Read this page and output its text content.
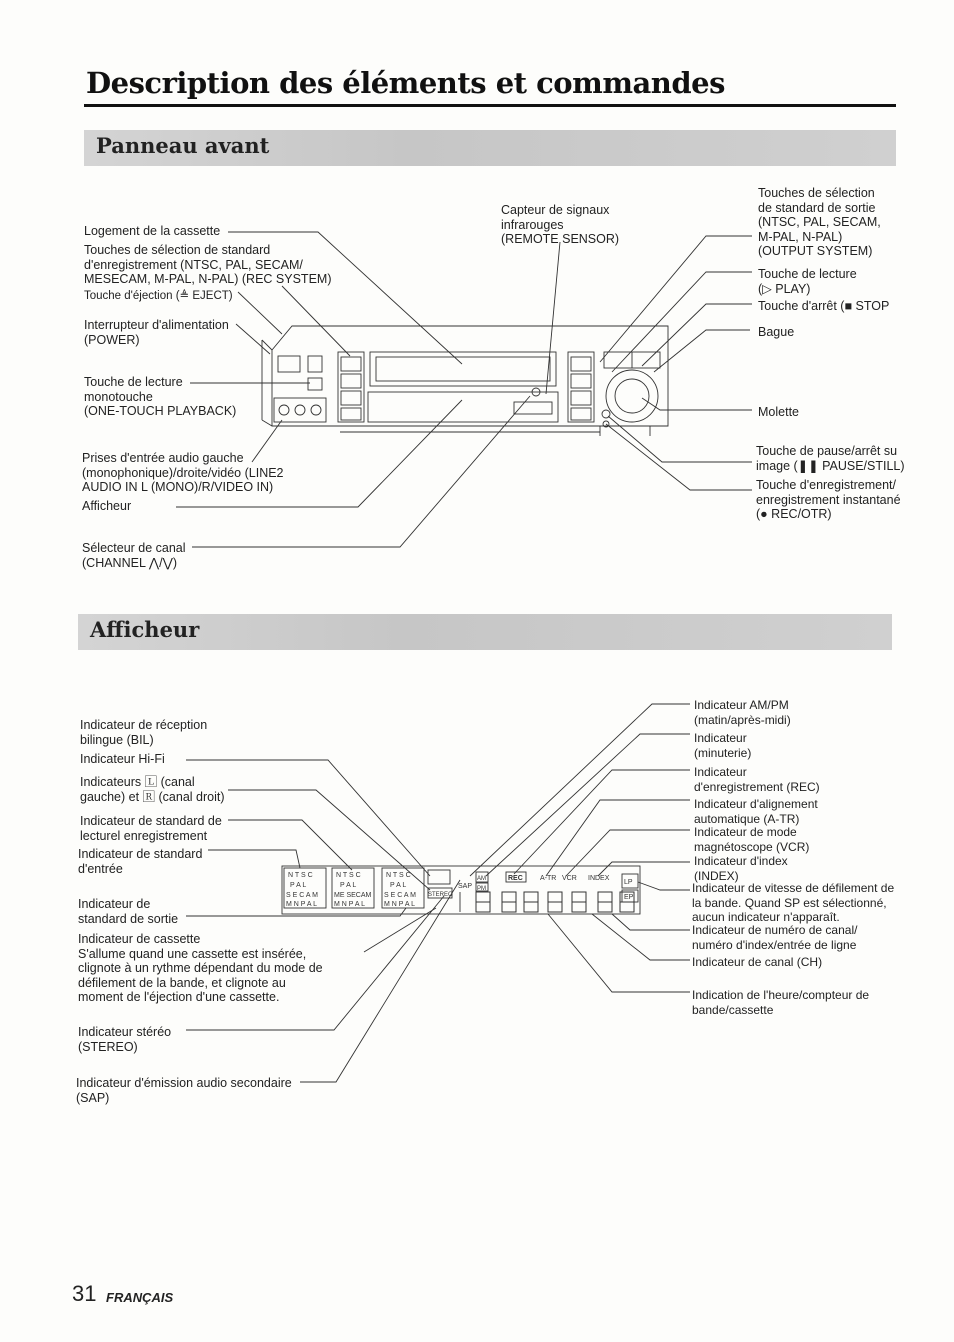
Description des éléments et commandes
Panneau avant
Afficheur
N T S C
P A L
S E C A M
M N P A L
N T S C
P A L
ME SECAM
M N P A L
N T S C
P A L
S E C A M
M N P A L
SAP
STEREO
AM
PM
REC A-TR VCR INDEX
LP
EP
Logement de la cassette
Touches de sélection de standard
d'enregistrement (NTSC, PAL, SECAM/
MESECAM, M-PAL, N-PAL) (REC SYSTEM)
Touche d'éjection (≜ EJECT)
Interrupteur d'alimentation
(POWER)
Touche de lecture
monotouche
(ONE-TOUCH PLAYBACK)
Prises d'entrée audio gauche
(monophonique)/droite/vidéo (LINE2
AUDIO IN L (MONO)/R/VIDEO IN)
Afficheur
Sélecteur de canal
(CHANNEL ⋀/⋁)
Capteur de signaux
infrarouges
(REMOTE SENSOR)
Touches de sélection
de standard de sortie
(NTSC, PAL, SECAM,
M-PAL, N-PAL)
(OUTPUT SYSTEM)
Touche de lecture
(▷ PLAY)
Touche d'arrêt (■ STOP
Bague
Molette
Touche de pause/arrêt su
image (❚❚ PAUSE/STILL)
Touche d'enregistrement/
enregistrement instantané
(● REC/OTR)
Indicateur de réception
bilingue (BIL)
Indicateur Hi-Fi
Indicateurs 🄻 (canal
gauche) et 🅁 (canal droit)
Indicateur de standard de
lecturel enregistrement
Indicateur de standard
d'entrée
Indicateur de
standard de sortie
Indicateur de cassette
S'allume quand une cassette est insérée,
clignote à un rythme dépendant du mode de
défilement de la bande, et clignote au
moment de l'éjection d'une cassette.
Indicateur stéréo
(STEREO)
Indicateur d'émission audio secondaire
(SAP)
Indicateur AM/PM
(matin/après-midi)
Indicateur
(minuterie)
Indicateur
d'enregistrement (REC)
Indicateur d'alignement
automatique (A-TR)
Indicateur de mode
magnétoscope (VCR)
Indicateur d'index
(INDEX)
Indicateur de vitesse de défilement de
la bande. Quand SP est sélectionné,
aucun indicateur n'apparaît.
Indicateur de numéro de canal/
numéro d'index/entrée de ligne
Indicateur de canal (CH)
Indication de l'heure/compteur de
bande/cassette
31 FRANÇAIS
